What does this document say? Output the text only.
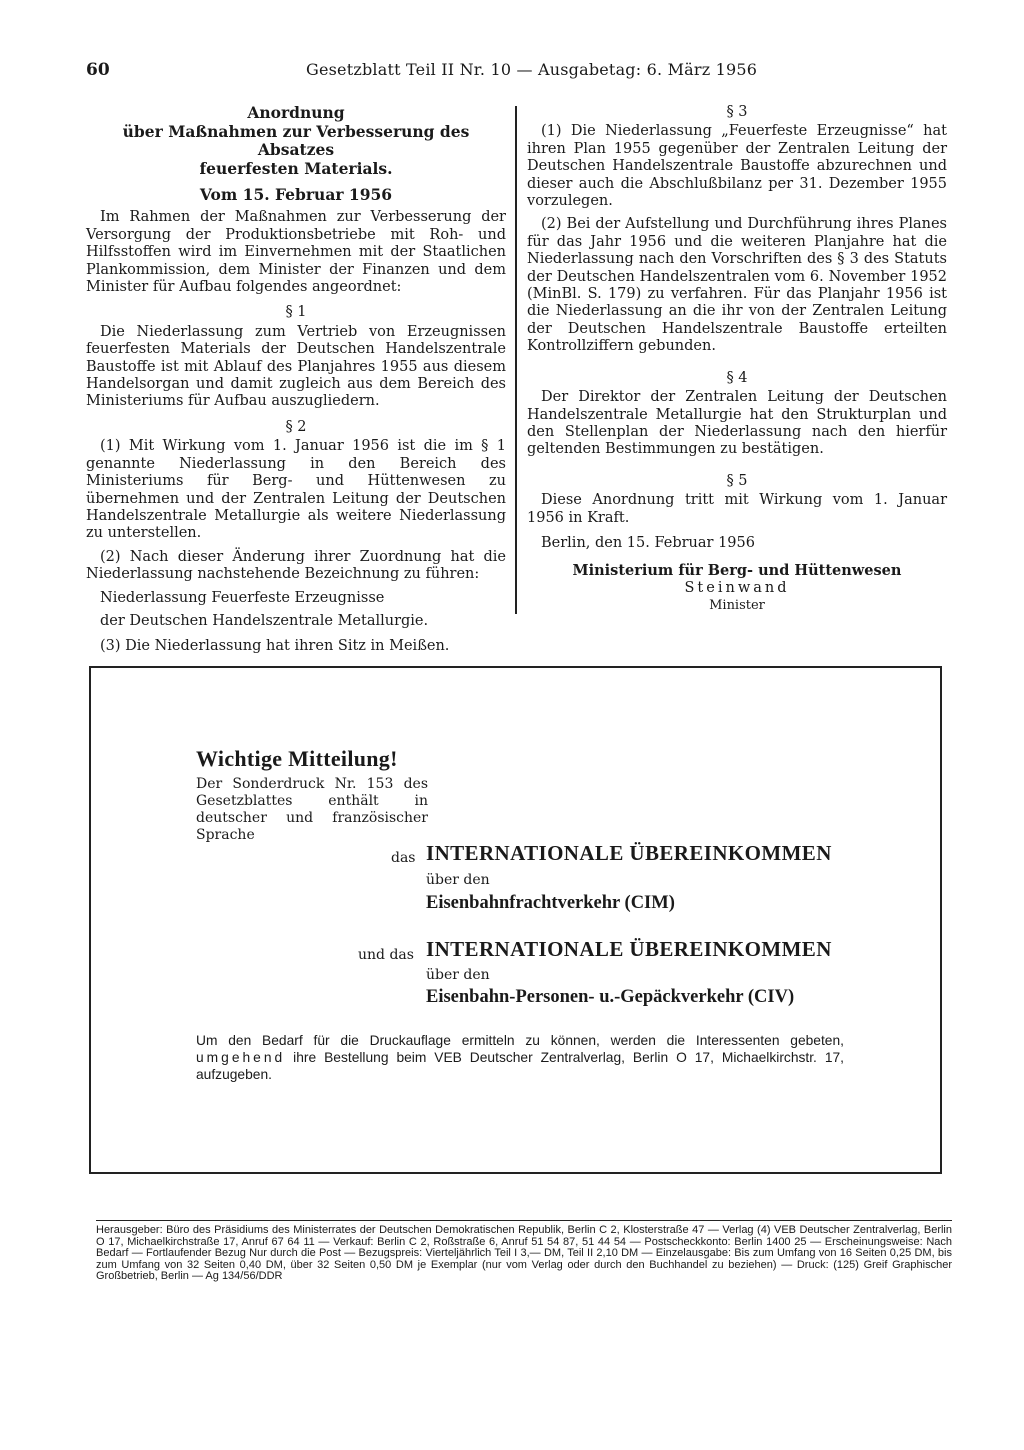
60	Gesetzblatt Teil II Nr. 10 — Ausgabetag: 6. März 1956
Anordnung
über Maßnahmen zur Verbesserung des Absatzes
feuerfesten Materials.
Vom 15. Februar 1956

Im Rahmen der Maßnahmen zur Verbesserung der Versorgung der Produktionsbetriebe mit Roh- und Hilfsstoffen wird im Einvernehmen mit der Staatlichen Plankommission, dem Minister der Finanzen und dem Minister für Aufbau folgendes angeordnet:

§ 1

Die Niederlassung zum Vertrieb von Erzeugnissen feuerfesten Materials der Deutschen Handelszentrale Baustoffe ist mit Ablauf des Planjahres 1955 aus diesem Handelsorgan und damit zugleich aus dem Bereich des Ministeriums für Aufbau auszugliedern.

§ 2

(1) Mit Wirkung vom 1. Januar 1956 ist die im § 1 genannte Niederlassung in den Bereich des Ministeriums für Berg- und Hüttenwesen zu übernehmen und der Zentralen Leitung der Deutschen Handelszentrale Metallurgie als weitere Niederlassung zu unterstellen.

(2) Nach dieser Änderung ihrer Zuordnung hat die Niederlassung nachstehende Bezeichnung zu führen:

Niederlassung Feuerfeste Erzeugnisse

der Deutschen Handelszentrale Metallurgie.

(3) Die Niederlassung hat ihren Sitz in Meißen.

§ 3

(1) Die Niederlassung „Feuerfeste Erzeugnisse“ hat ihren Plan 1955 gegenüber der Zentralen Leitung der Deutschen Handelszentrale Baustoffe abzurechnen und dieser auch die Abschlußbilanz per 31. Dezember 1955 vorzulegen.

(2) Bei der Aufstellung und Durchführung ihres Planes für das Jahr 1956 und die weiteren Planjahre hat die Niederlassung nach den Vorschriften des § 3 des Statuts der Deutschen Handelszentralen vom 6. November 1952 (MinBl. S. 179) zu verfahren. Für das Planjahr 1956 ist die Niederlassung an die ihr von der Zentralen Leitung der Deutschen Handelszentrale Baustoffe erteilten Kontrollziffern gebunden.

§ 4

Der Direktor der Zentralen Leitung der Deutschen Handelszentrale Metallurgie hat den Strukturplan und den Stellenplan der Niederlassung nach den hierfür geltenden Bestimmungen zu bestätigen.

§ 5

Diese Anordnung tritt mit Wirkung vom 1. Januar 1956 in Kraft.

Berlin, den 15. Februar 1956

Ministerium für Berg- und Hüttenwesen
Steinwand
Minister
Wichtige Mitteilung!
Der Sonderdruck Nr. 153 des Gesetzblattes enthält in deutscher und französischer Sprache
das INTERNATIONALE ÜBEREINKOMMEN
über den
Eisenbahnfrachtverkehr (CIM)
und das INTERNATIONALE ÜBEREINKOMMEN
über den
Eisenbahn-Personen- u.-Gepäckverkehr (CIV)
Um den Bedarf für die Druckauflage ermitteln zu können, werden die Interessenten gebeten, umgehend ihre Bestellung beim VEB Deutscher Zentralverlag, Berlin O 17, Michaelkirchstr. 17, aufzugeben.
Herausgeber: Büro des Präsidiums des Ministerrates der Deutschen Demokratischen Republik, Berlin C 2, Klosterstraße 47 — Verlag (4) VEB Deutscher Zentralverlag, Berlin O 17, Michaelkirchstraße 17, Anruf 67 64 11 — Verkauf: Berlin C 2, Roßstraße 6, Anruf 51 54 87, 51 44 54 — Postscheckkonto: Berlin 1400 25 — Erscheinungsweise: Nach Bedarf — Fortlaufender Bezug Nur durch die Post — Bezugspreis: Vierteljährlich Teil I 3,— DM, Teil II 2,10 DM — Einzelausgabe: Bis zum Umfang von 16 Seiten 0,25 DM, bis zum Umfang von 32 Seiten 0,40 DM, über 32 Seiten 0,50 DM je Exemplar (nur vom Verlag oder durch den Buchhandel zu beziehen) — Druck: (125) Greif Graphischer Großbetrieb, Berlin — Ag 134/56/DDR
